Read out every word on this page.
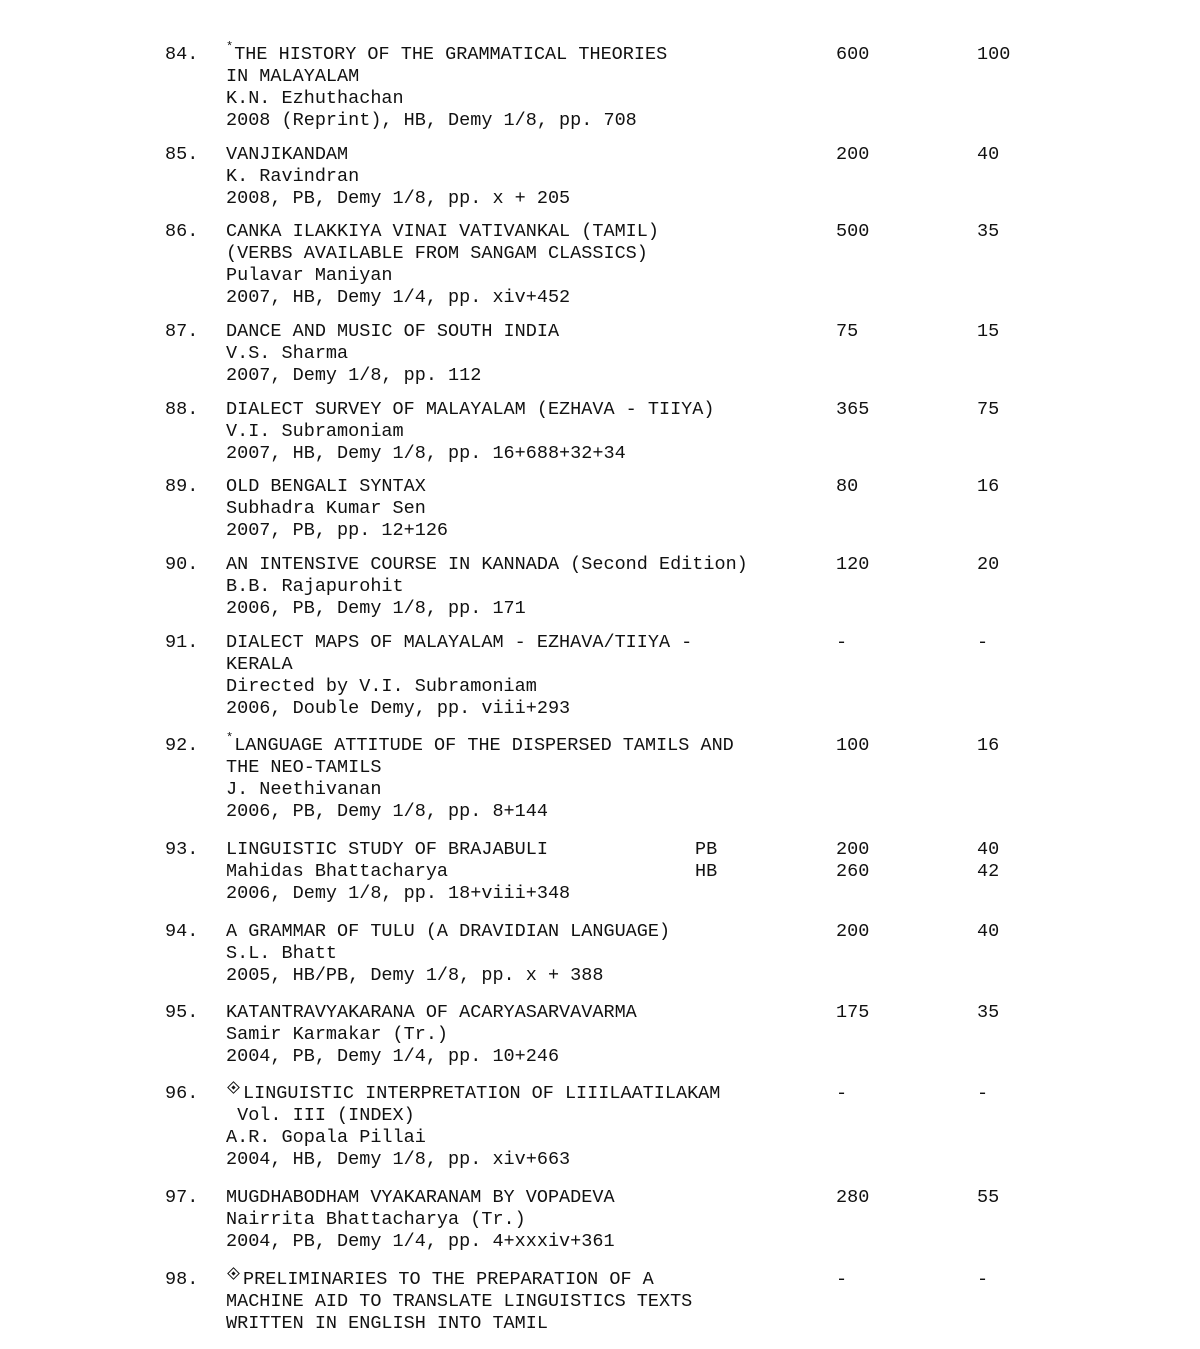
84. *THE HISTORY OF THE GRAMMATICAL THEORIES
IN MALAYALAM
K.N. Ezhuthachan
2008 (Reprint), HB, Demy 1/8, pp. 708
600	100
85. VANJIKANDAM
K. Ravindran
2008, PB, Demy 1/8, pp. x + 205
200	40
86. CANKA ILAKKIYA VINAI VATIVANKAL (TAMIL)
(VERBS AVAILABLE FROM SANGAM CLASSICS)
Pulavar Maniyan
2007, HB, Demy 1/4, pp. xiv+452
500	35
87. DANCE AND MUSIC OF SOUTH INDIA
V.S. Sharma
2007, Demy 1/8, pp. 112
75	15
88. DIALECT SURVEY OF MALAYALAM (EZHAVA - TIIYA)
V.I. Subramoniam
2007, HB, Demy 1/8, pp. 16+688+32+34
365	75
89. OLD BENGALI SYNTAX
Subhadra Kumar Sen
2007, PB, pp. 12+126
80	16
90. AN INTENSIVE COURSE IN KANNADA (Second Edition)
B.B. Rajapurohit
2006, PB, Demy 1/8, pp. 171
120	20
91. DIALECT MAPS OF MALAYALAM - EZHAVA/TIIYA -
KERALA
Directed by V.I. Subramoniam
2006, Double Demy, pp. viii+293
-	-
92. *LANGUAGE ATTITUDE OF THE DISPERSED TAMILS AND
THE NEO-TAMILS
J. Neethivanan
2006, PB, Demy 1/8, pp. 8+144
100	16
93. LINGUISTIC STUDY OF BRAJABULI
Mahidas Bhattacharya
2006, Demy 1/8, pp. 18+viii+348
PB	200	40
HB	260	42
94. A GRAMMAR OF TULU (A DRAVIDIAN LANGUAGE)
S.L. Bhatt
2005, HB/PB, Demy 1/8, pp. x + 388
200	40
95. KATANTRAVYAKARANA OF ACARYASARVAVARMA
Samir Karmakar (Tr.)
2004, PB, Demy 1/4, pp. 10+246
175	35
96.	LINGUISTIC INTERPRETATION OF LIIILAATILAKAM
Vol. III (INDEX)
A.R. Gopala Pillai
2004, HB, Demy 1/8, pp. xiv+663
-	-
97. MUGDHABODHAM VYAKARANAM BY VOPADEVA
Nairrita Bhattacharya (Tr.)
2004, PB, Demy 1/4, pp. 4+xxxiv+361
280	55
98.	PRELIMINARIES TO THE PREPARATION OF A
MACHINE AID TO TRANSLATE LINGUISTICS TEXTS
WRITTEN IN ENGLISH INTO TAMIL
-	-
